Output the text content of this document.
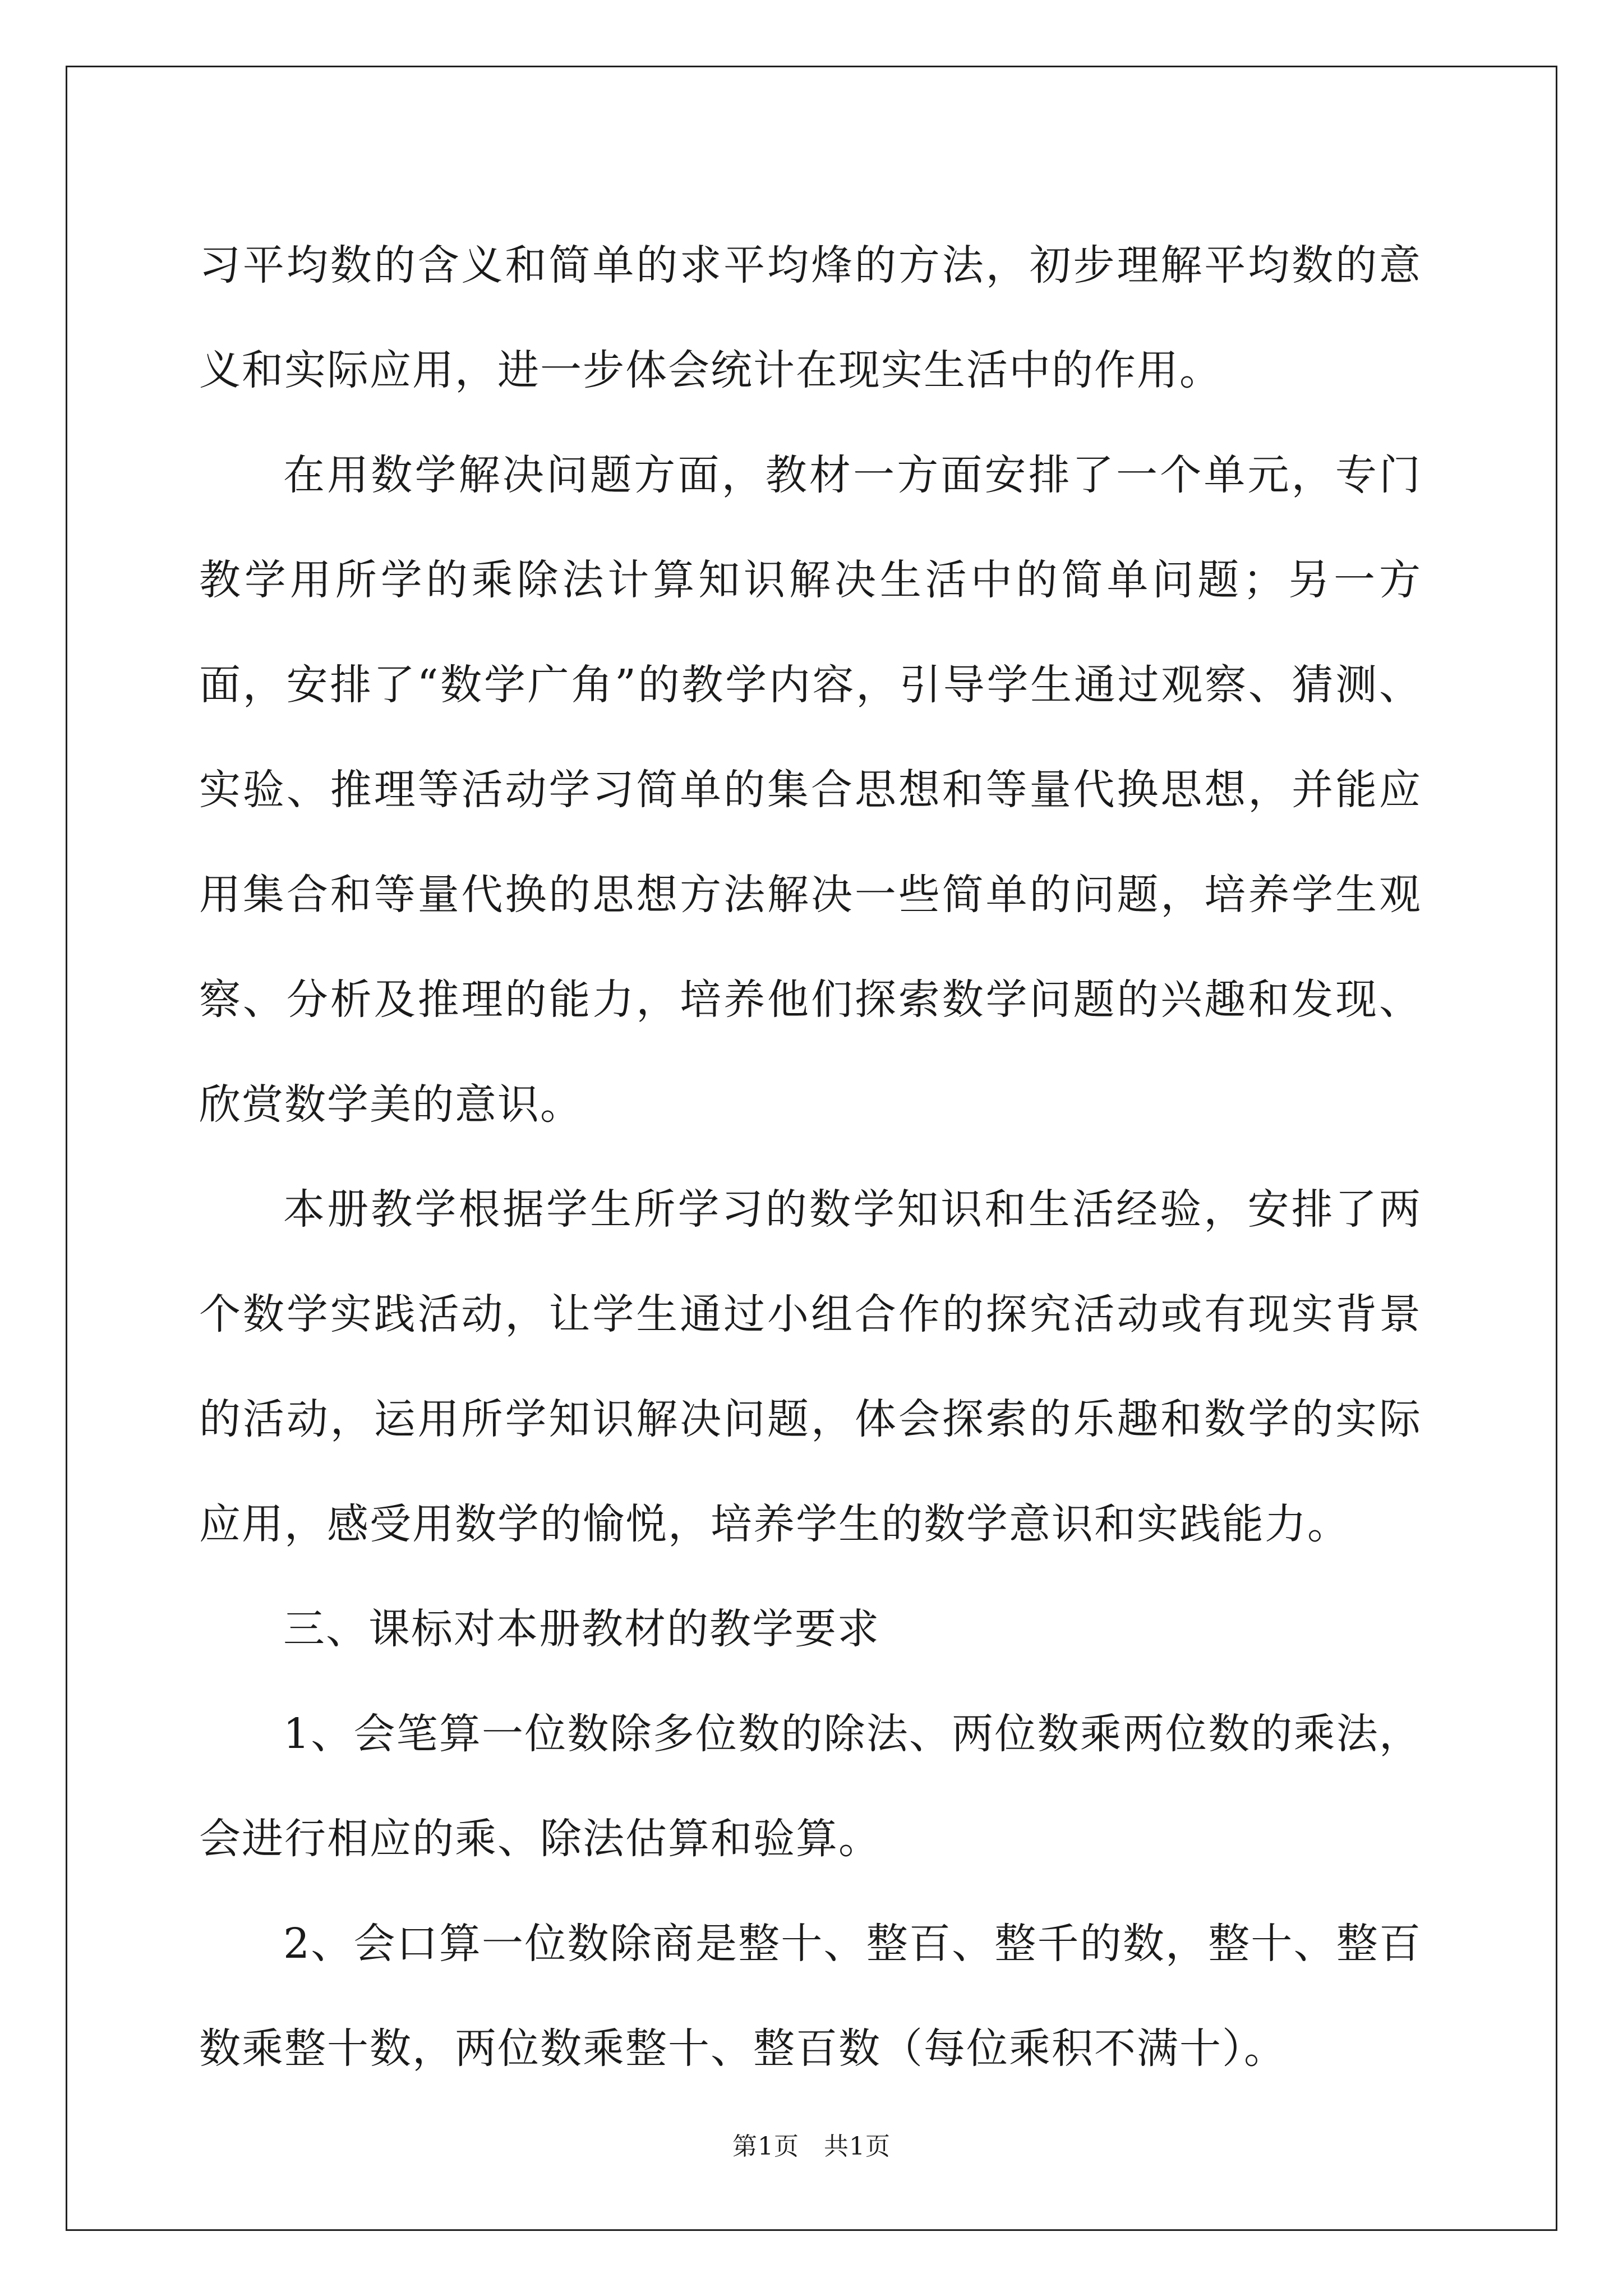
习平均数的含义和简单的求平均烽的方法，初步理解平均数的意义和实际应用，进一步体会统计在现实生活中的作用。

在用数学解决问题方面，教材一方面安排了一个单元，专门教学用所学的乘除法计算知识解决生活中的简单问题；另一方面，安排了“数学广角”的教学内容，引导学生通过观察、猜测、实验、推理等活动学习简单的集合思想和等量代换思想，并能应用集合和等量代换的思想方法解决一些简单的问题，培养学生观察、分析及推理的能力，培养他们探索数学问题的兴趣和发现、欣赏数学美的意识。

本册教学根据学生所学习的数学知识和生活经验，安排了两个数学实践活动，让学生通过小组合作的探究活动或有现实背景的活动，运用所学知识解决问题，体会探索的乐趣和数学的实际应用，感受用数学的愉悦，培养学生的数学意识和实践能力。

三、课标对本册教材的教学要求

1、会笔算一位数除多位数的除法、两位数乘两位数的乘法，会进行相应的乘、除法估算和验算。

2、会口算一位数除商是整十、整百、整千的数，整十、整百数乘整十数，两位数乘整十、整百数（每位乘积不满十）。

第1页 共1页
